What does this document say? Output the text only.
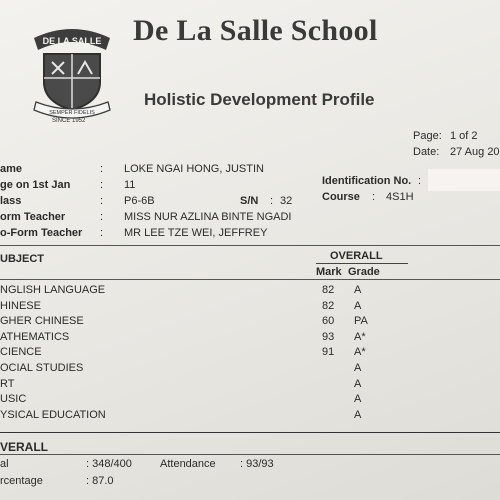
DE LA SALLE
SEMPER FIDELIS
SINCE 1952
De La Salle School
Holistic Development Profile
Page: 1 of 2
Date: 27 Aug 20
ame	: LOKE NGAI HONG, JUSTIN
ge on 1st Jan	: 11
lass	: P6-6B	S/N : 32
orm Teacher	: MISS NUR AZLINA BINTE NGADI
o-Form Teacher : MR LEE TZE WEI, JEFFREY
Identification No. :
Course : 4S1H
UBJECT	OVERALL
Mark Grade
NGLISH LANGUAGE	82 A
HINESE	82 A
GHER CHINESE	60 PA
ATHEMATICS	93 A*
CIENCE	91 A*
OCIAL STUDIES	A
RT	A
USIC	A
YSICAL EDUCATION	A
VERALL
al	: 348/400	Attendance : 93/93
rcentage	: 87.0
